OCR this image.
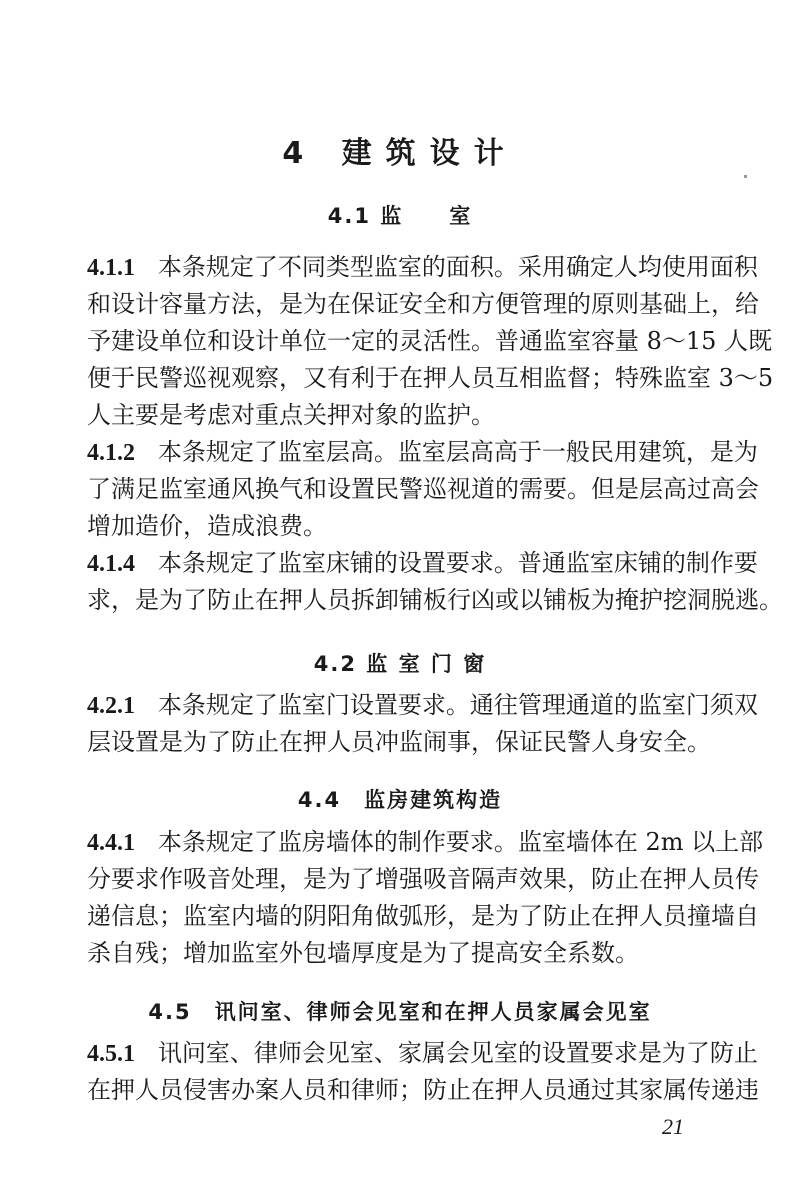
4 建筑设计
4.1 监　　室
4.1.1 本条规定了不同类型监室的面积。采用确定人均使用面积
和设计容量方法，是为在保证安全和方便管理的原则基础上，给
予建设单位和设计单位一定的灵活性。普通监室容量 8～15 人既
便于民警巡视观察，又有利于在押人员互相监督；特殊监室 3～5
人主要是考虑对重点关押对象的监护。
4.1.2 本条规定了监室层高。监室层高高于一般民用建筑，是为
了满足监室通风换气和设置民警巡视道的需要。但是层高过高会
增加造价，造成浪费。
4.1.4 本条规定了监室床铺的设置要求。普通监室床铺的制作要
求，是为了防止在押人员拆卸铺板行凶或以铺板为掩护挖洞脱逃。
4.2 监 室 门 窗
4.2.1 本条规定了监室门设置要求。通往管理通道的监室门须双
层设置是为了防止在押人员冲监闹事，保证民警人身安全。
4.4　监房建筑构造
4.4.1 本条规定了监房墙体的制作要求。监室墙体在 2m 以上部
分要求作吸音处理，是为了增强吸音隔声效果，防止在押人员传
递信息；监室内墙的阴阳角做弧形，是为了防止在押人员撞墙自
杀自残；增加监室外包墙厚度是为了提高安全系数。
4.5　讯问室、律师会见室和在押人员家属会见室
4.5.1 讯问室、律师会见室、家属会见室的设置要求是为了防止
在押人员侵害办案人员和律师；防止在押人员通过其家属传递违
21
